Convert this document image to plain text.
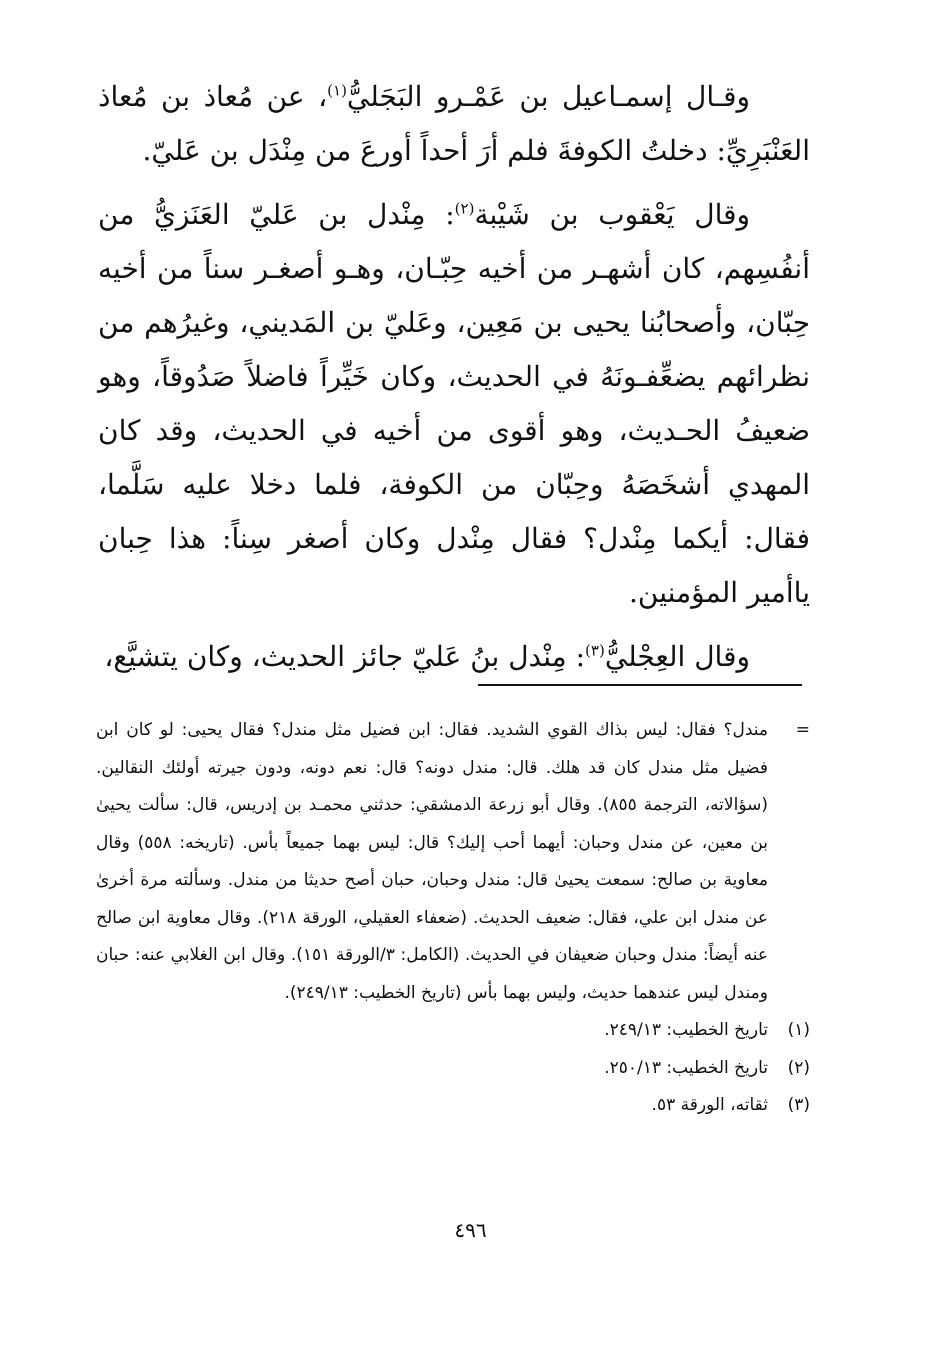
وقـال إسمـاعيل بن عَمْـرو البَجَليُّ$^{(١)}$، عن مُعاذ بن مُعاذ العَنْبَرِيِّ: دخلتُ الكوفةَ فلم أرَ أحداً أورعَ من مِنْدَل بن عَليّ.

وقال يَعْقوب بن شَيْبة$^{(٢)}$: مِنْدل بن عَليّ العَنَزيُّ من أنفُسِهم، كان أشهـر من أخيه حِبّـان، وهـو أصغـر سناً من أخيه حِبّان، وأصحابُنا يحيى بن مَعِين، وعَليّ بن المَديني، وغيرُهم من نظرائهم يضعِّفـونَهُ في الحديث، وكان خَيِّراً فاضلاً صَدُوقاً، وهو ضعيفُ الحـديث، وهو أقوى من أخيه في الحديث، وقد كان المهدي أشخَصَهُ وحِبّان من الكوفة، فلما دخلا عليه سَلَّما، فقال: أيكما مِنْدل؟ فقال مِنْدل وكان أصغر سِناً: هذا حِبان ياأمير المؤمنين.

وقال العِجْليُّ$^{(٣)}$: مِنْدل بنُ عَليّ جائز الحديث، وكان يتشيَّع،

=
مندل؟ فقال: ليس بذاك القوي الشديد. فقال: ابن فضيل مثل مندل؟ فقال يحيى: لو كان ابن فضيل مثل مندل كان قد هلك. قال: مندل دونه؟ قال: نعم دونه، ودون جيرته أولئك النقالين. (سؤالاته، الترجمة ٨٥٥). وقال أبو زرعة الدمشقي: حدثني محمـد بن إدريس، قال: سألت يحيىٰ بن معين، عن مندل وحبان: أيهما أحب إليك؟ قال: ليس بهما جميعاً بأس. (تاريخه: ٥٥٨) وقال معاوية بن صالح: سمعت يحيىٰ قال: مندل وحبان، حبان أصح حديثا من مندل. وسألته مرة أخرىٰ عن مندل ابن علي، فقال: ضعيف الحديث. (ضعفاء العقيلي، الورقة ٢١٨). وقال معاوية ابن صالح عنه أيضاً: مندل وحبان ضعيفان في الحديث. (الكامل: ٣/الورقة ١٥١). وقال ابن الغلابي عنه: حبان ومندل ليس عندهما حديث، وليس بهما بأس (تاريخ الخطيب: ٢٤٩/١٣).
(١)
تاريخ الخطيب: ٢٤٩/١٣.
(٢)
تاريخ الخطيب: ٢٥٠/١٣.
(٣)
ثقاته، الورقة ٥٣.
٤٩٦
